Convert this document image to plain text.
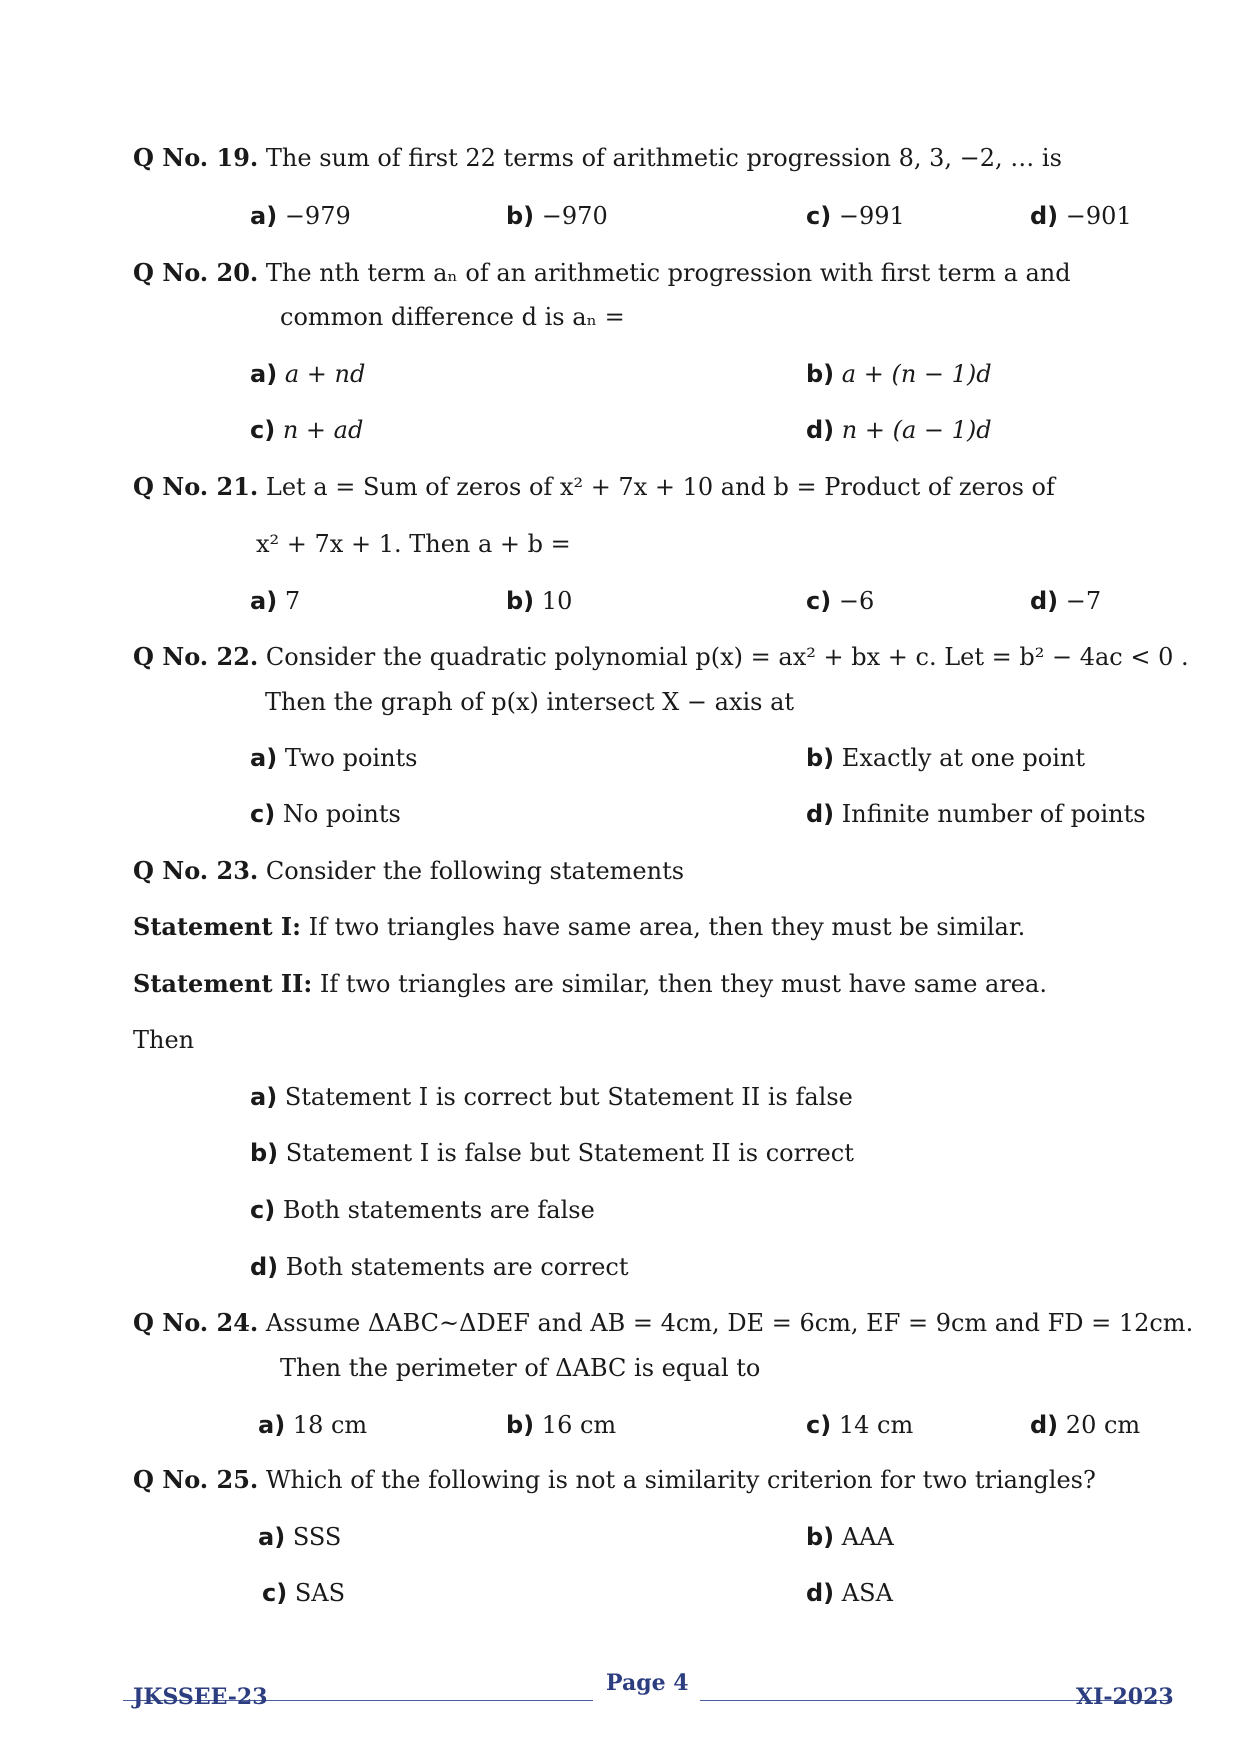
Q No. 19. The sum of first 22 terms of arithmetic progression 8, 3, −2, … is
a) −979	b) −970	c) −991	d) −901
Q No. 20. The nth term aₙ of an arithmetic progression with first term a and
common difference d is aₙ =
a) a + nd	b) a + (n − 1)d
c) n + ad	d) n + (a − 1)d
Q No. 21. Let a = Sum of zeros of x² + 7x + 10 and b = Product of zeros of
x² + 7x + 1. Then a + b =
a) 7	b) 10	c) −6	d) −7
Q No. 22. Consider the quadratic polynomial p(x) = ax² + bx + c. Let = b² − 4ac < 0 .
Then the graph of p(x) intersect X − axis at
a) Two points	b) Exactly at one point
c) No points	d) Infinite number of points
Q No. 23. Consider the following statements
Statement I: If two triangles have same area, then they must be similar.
Statement II: If two triangles are similar, then they must have same area.
Then
a) Statement I is correct but Statement II is false
b) Statement I is false but Statement II is correct
c) Both statements are false
d) Both statements are correct
Q No. 24. Assume ΔABC~ΔDEF and AB = 4cm, DE = 6cm, EF = 9cm and FD = 12cm.
Then the perimeter of ΔABC is equal to
a) 18 cm	b) 16 cm	c) 14 cm	d) 20 cm
Q No. 25. Which of the following is not a similarity criterion for two triangles?
a) SSS	b) AAA
c) SAS	d) ASA
JKSSEE-23
Page 4
XI-2023
